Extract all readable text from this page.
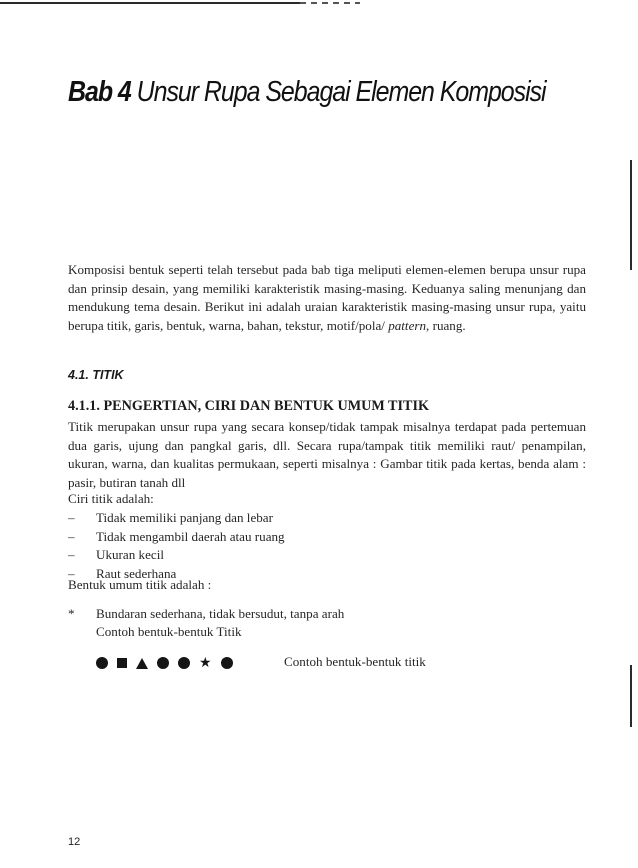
Bab 4 Unsur Rupa Sebagai Elemen Komposisi

Komposisi bentuk seperti telah tersebut pada bab tiga meliputi elemen-elemen berupa unsur rupa dan prinsip desain, yang memiliki karakteristik masing-masing. Keduanya saling menunjang dan mendukung tema desain. Berikut ini adalah uraian karakteristik masing-masing unsur rupa, yaitu berupa titik, garis, bentuk, warna, bahan, tekstur, motif/pola/ pattern, ruang.

4.1. TITIK
4.1.1. PENGERTIAN, CIRI DAN BENTUK UMUM TITIK

Titik merupakan unsur rupa yang secara konsep/tidak tampak misalnya terdapat pada pertemuan dua garis, ujung dan pangkal garis, dll. Secara rupa/tampak titik memiliki raut/ penampilan, ukuran, warna, dan kualitas permukaan, seperti misalnya : Gambar titik pada kertas, benda alam : pasir, butiran tanah dll

Ciri titik adalah:
– Tidak memiliki panjang dan lebar
– Tidak mengambil daerah atau ruang
– Ukuran kecil
– Raut sederhana
Bentuk umum titik adalah :
* Bundaran sederhana, tidak bersudut, tanpa arah
Contoh bentuk-bentuk Titik
★	Contoh bentuk-bentuk titik
12
